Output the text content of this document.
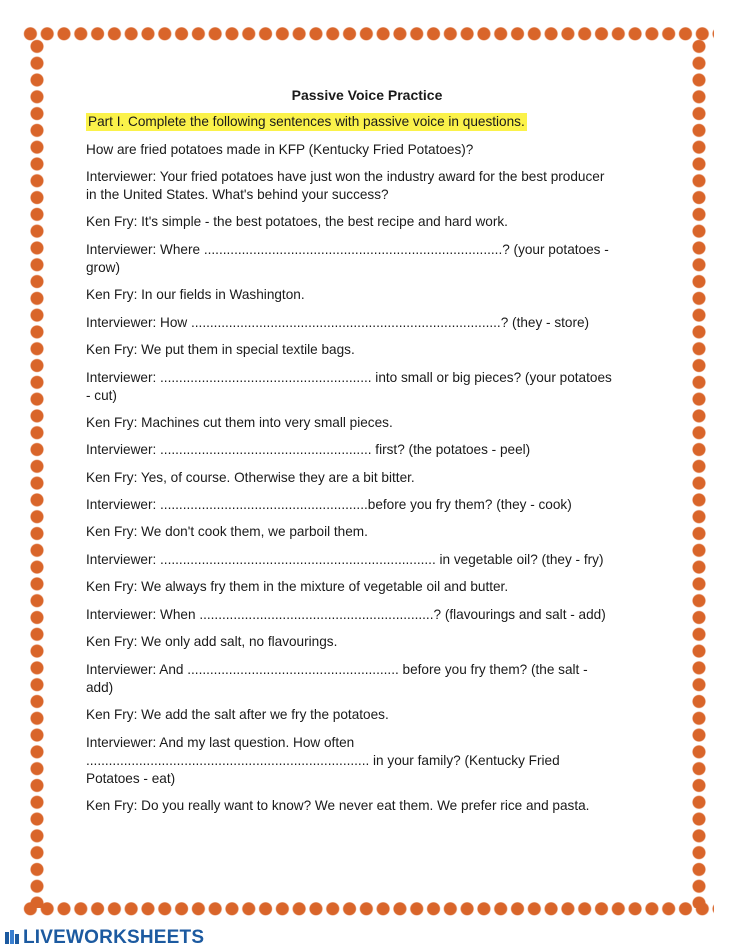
Passive Voice Practice
Part I. Complete the following sentences with passive voice in questions.
How are fried potatoes made in KFP (Kentucky Fried Potatoes)?
Interviewer: Your fried potatoes have just won the industry award for the best producer
in the United States. What's behind your success?
Ken Fry: It's simple - the best potatoes, the best recipe and hard work.
Interviewer: Where ...............................................................................? (your potatoes -
grow)
Ken Fry: In our fields in Washington.
Interviewer: How ..................................................................................? (they - store)
Ken Fry: We put them in special textile bags.
Interviewer: ........................................................ into small or big pieces? (your potatoes
- cut)
Ken Fry: Machines cut them into very small pieces.
Interviewer: ........................................................ first? (the potatoes - peel)
Ken Fry: Yes, of course. Otherwise they are a bit bitter.
Interviewer: .......................................................before you fry them? (they - cook)
Ken Fry: We don't cook them, we parboil them.
Interviewer: ......................................................................... in vegetable oil? (they - fry)
Ken Fry: We always fry them in the mixture of vegetable oil and butter.
Interviewer: When ..............................................................? (flavourings and salt - add)
Ken Fry: We only add salt, no flavourings.
Interviewer: And ........................................................ before you fry them? (the salt -
add)
Ken Fry: We add the salt after we fry the potatoes.
Interviewer: And my last question. How often
........................................................................... in your family? (Kentucky Fried
Potatoes - eat)
Ken Fry: Do you really want to know? We never eat them. We prefer rice and pasta.
LIVEWORKSHEETS
